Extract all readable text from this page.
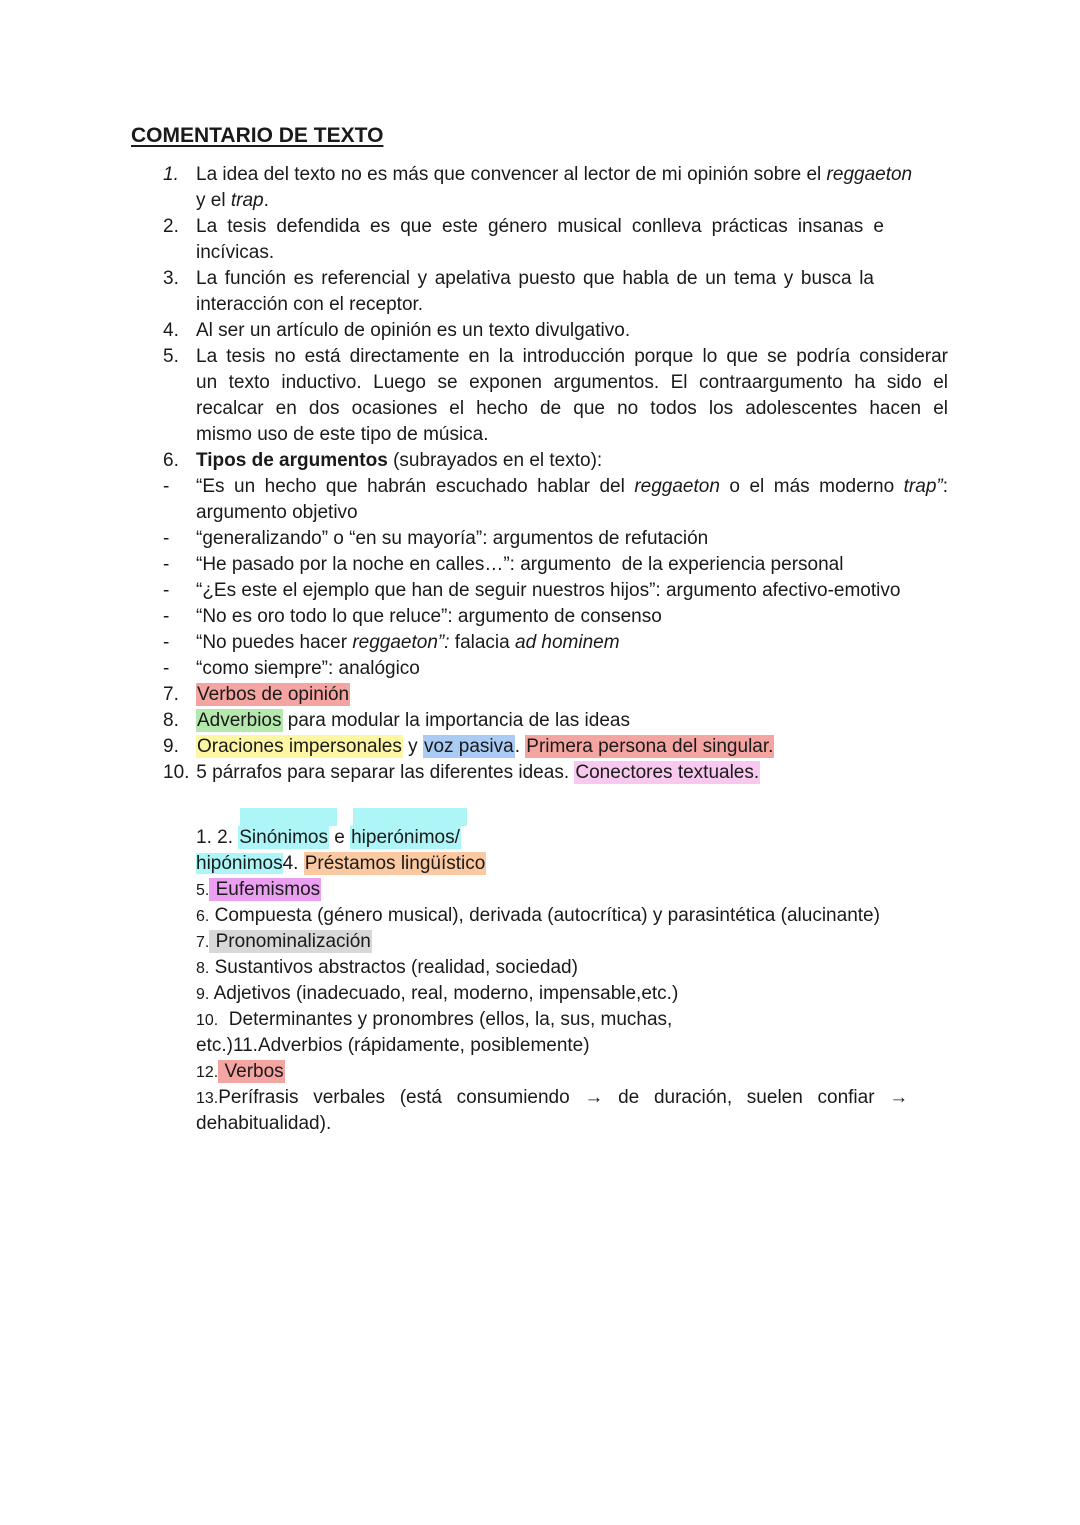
COMENTARIO DE TEXTO
1. La idea del texto no es más que convencer al lector de mi opinión sobre el reggaeton
y el trap.
2. La tesis defendida es que este género musical conlleva prácticas insanas e
incívicas.
3. La función es referencial y apelativa puesto que habla de un tema y busca la
interacción con el receptor.
4. Al ser un artículo de opinión es un texto divulgativo.
5. La tesis no está directamente en la introducción porque lo que se podría considerar
un texto inductivo. Luego se exponen argumentos. El contraargumento ha sido el
recalcar en dos ocasiones el hecho de que no todos los adolescentes hacen el
mismo uso de este tipo de música.
6. Tipos de argumentos (subrayados en el texto):
-	“Es un hecho que habrán escuchado hablar del reggaeton o el más moderno trap”:
argumento objetivo
-	“generalizando” o “en su mayoría”: argumentos de refutación
-	“He pasado por la noche en calles…”: argumento  de la experiencia personal
-	“¿Es este el ejemplo que han de seguir nuestros hijos”: argumento afectivo-emotivo
-	“No es oro todo lo que reluce”: argumento de consenso
-	“No puedes hacer reggaeton”: falacia ad hominem
-	“como siempre”: analógico
7. Verbos de opinión
8. Adverbios para modular la importancia de las ideas
9. Oraciones impersonales y voz pasiva. Primera persona del singular.
10. 5 párrafos para separar las diferentes ideas. Conectores textuales.
1. 2. Sinónimos e hiperónimos/
hipónimos4. Préstamos lingüístico
5. Eufemismos
6. Compuesta (género musical), derivada (autocrítica) y parasintética (alucinante)
7. Pronominalización
8. Sustantivos abstractos (realidad, sociedad)
9. Adjetivos (inadecuado, real, moderno, impensable,etc.)
10.  Determinantes y pronombres (ellos, la, sus, muchas,
etc.)11.Adverbios (rápidamente, posiblemente)
12. Verbos
13.Perífrasis verbales (está consumiendo → de duración, suelen confiar →
dehabitualidad).
